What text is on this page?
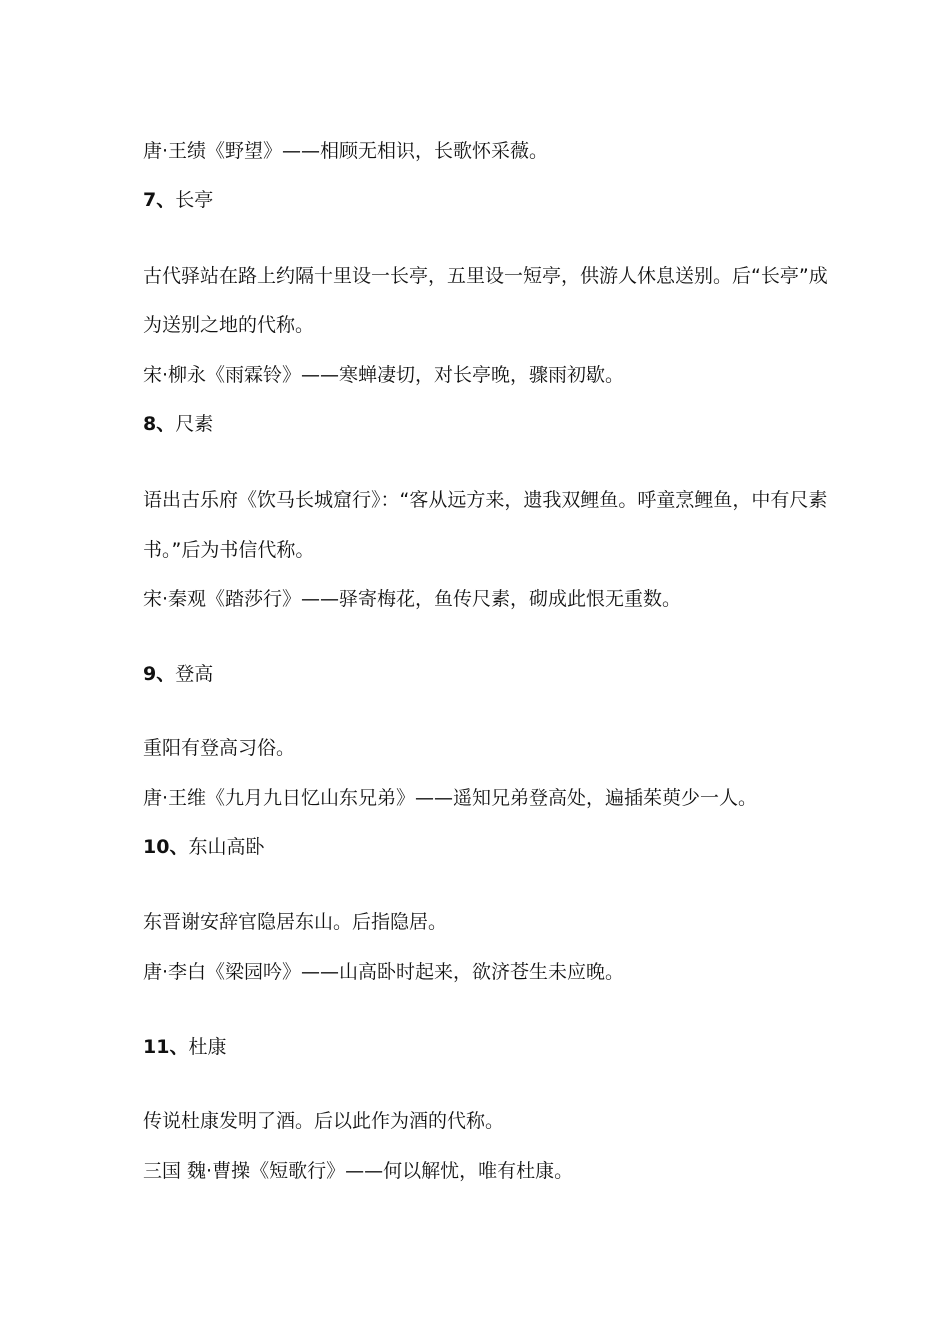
唐·王绩《野望》——相顾无相识，长歌怀采薇。
7、长亭
古代驿站在路上约隔十里设一长亭，五里设一短亭，供游人休息送别。后“长亭”成
为送别之地的代称。
宋·柳永《雨霖铃》——寒蝉凄切，对长亭晚，骤雨初歇。
8、尺素
语出古乐府《饮马长城窟行》：“客从远方来，遗我双鲤鱼。呼童烹鲤鱼，中有尺素
书。”后为书信代称。
宋·秦观《踏莎行》——驿寄梅花，鱼传尺素，砌成此恨无重数。
9、登高
重阳有登高习俗。
唐·王维《九月九日忆山东兄弟》——遥知兄弟登高处，遍插茱萸少一人。
10、东山高卧
东晋谢安辞官隐居东山。后指隐居。
唐·李白《梁园吟》——山高卧时起来，欲济苍生未应晚。
11、杜康
传说杜康发明了酒。后以此作为酒的代称。
三国 魏·曹操《短歌行》——何以解忧，唯有杜康。
